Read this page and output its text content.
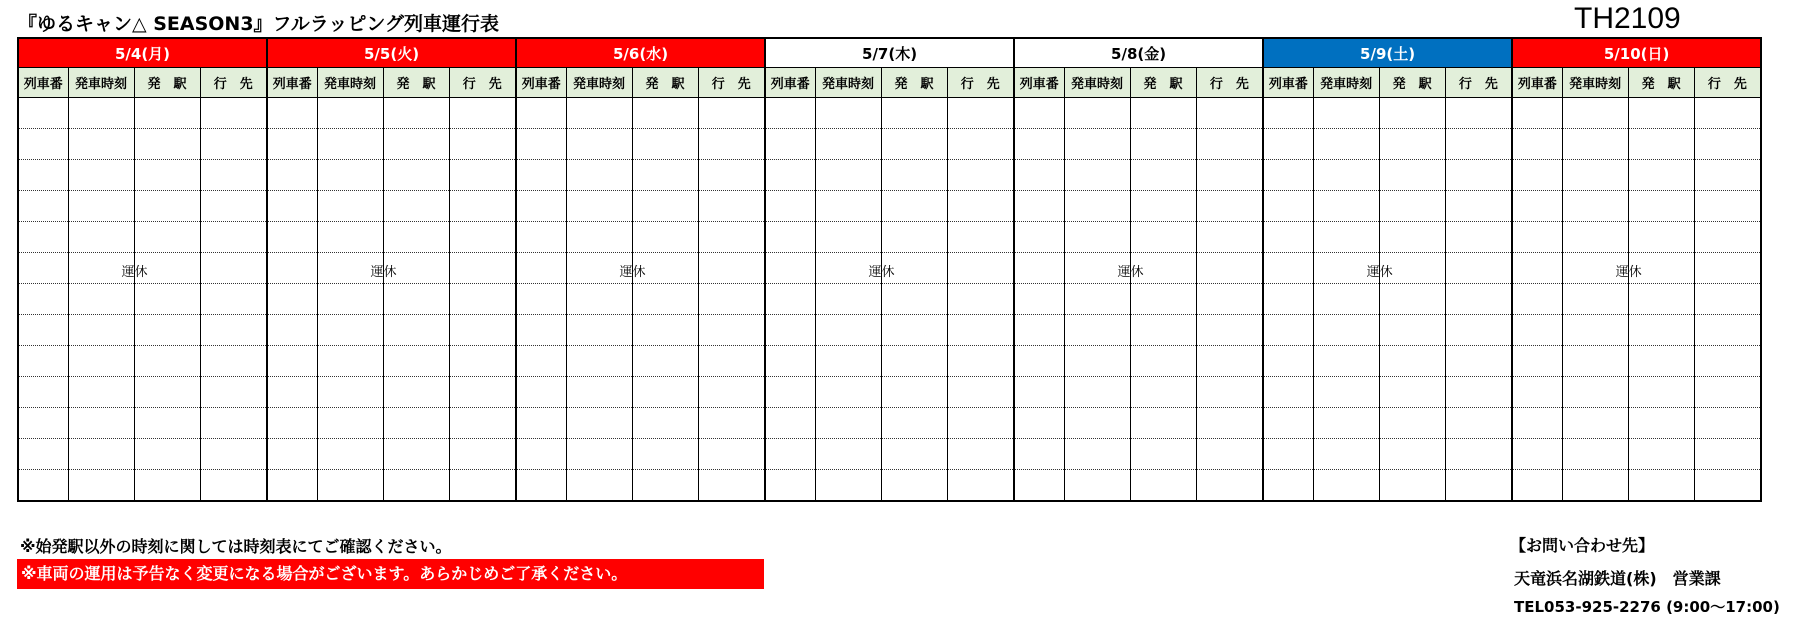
『ゆるキャン△ SEASON3』フルラッピング列車運行表	TH2109
5/4(月)				5/5(火)				5/6(水)				5/7(木)				5/8(金)				5/9(土)				5/10(日)			
列車番	発車時刻	発　駅	行　先	列車番	発車時刻	発　駅	行　先	列車番	発車時刻	発　駅	行　先	列車番	発車時刻	発　駅	行　先	列車番	発車時刻	発　駅	行　先	列車番	発車時刻	発　駅	行　先	列車番	発車時刻	発　駅	行　先

		運休				運休				運休				運休				運休				運休				運休	

※始発駅以外の時刻に関しては時刻表にてご確認ください。
※車両の運用は予告なく変更になる場合がございます。あらかじめご了承ください。
【お問い合わせ先】
天竜浜名湖鉄道(株)　営業課
TEL053-925-2276 (9:00～17:00)
